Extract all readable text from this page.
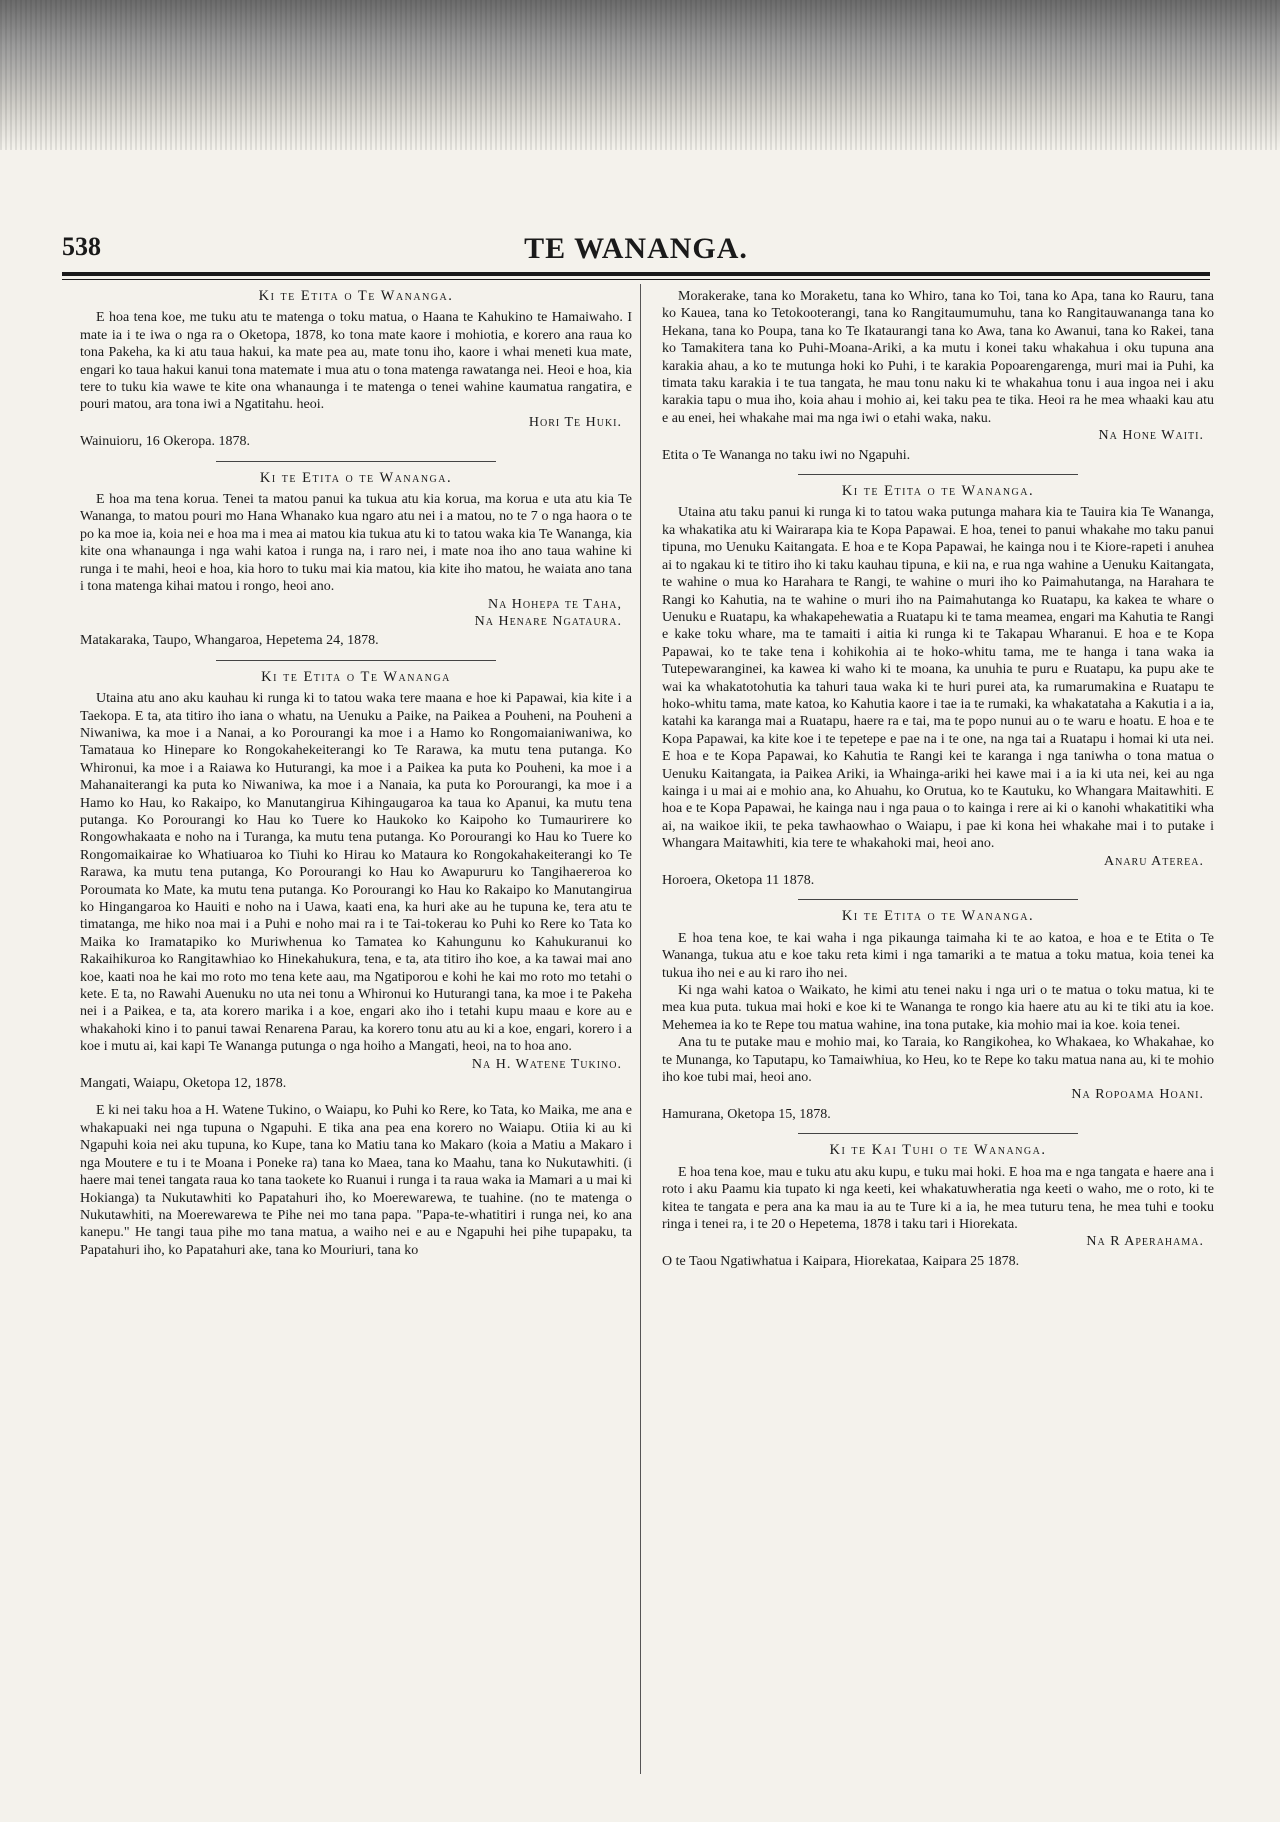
538	TE WANANGA.
Ki te Etita o Te Wananga.

E hoa tena koe, me tuku atu te matenga o toku matua, o Haana te Kahukino te Hamaiwaho. I mate ia i te iwa o nga ra o Oketopa, 1878, ko tona mate kaore i mohiotia, e korero ana raua ko tona Pakeha, ka ki atu taua hakui, ka mate pea au, mate tonu iho, kaore i whai meneti kua mate, engari ko taua hakui kanui tona matemate i mua atu o tona matenga rawatanga nei. Heoi e hoa, kia tere to tuku kia wawe te kite ona whanaunga i te matenga o tenei wahine kaumatua rangatira, e pouri matou, ara tona iwi a Ngatitahu. heoi.

Hori Te Huki.

Wainuioru, 16 Okeropa. 1878.

Ki te Etita o te Wananga.

E hoa ma tena korua. Tenei ta matou panui ka tukua atu kia korua, ma korua e uta atu kia Te Wananga, to matou pouri mo Hana Whanako kua ngaro atu nei i a matou, no te 7 o nga haora o te po ka moe ia, koia nei e hoa ma i mea ai matou kia tukua atu ki to tatou waka kia Te Wananga, kia kite ona whanaunga i nga wahi katoa i runga na, i raro nei, i mate noa iho ano taua wahine ki runga i te mahi, heoi e hoa, kia horo to tuku mai kia matou, kia kite iho matou, he waiata ano tana i tona matenga kihai matou i rongo, heoi ano.

Na Hohepa te Taha,

Na Henare Ngataura.

Matakaraka, Taupo, Whangaroa, Hepetema 24, 1878.

Ki te Etita o Te Wananga

Utaina atu ano aku kauhau ki runga ki to tatou waka tere maana e hoe ki Papawai, kia kite i a Taekopa. E ta, ata titiro iho iana o whatu, na Uenuku a Paike, na Paikea a Pouheni, na Pouheni a Niwaniwa, ka moe i a Nanai, a ko Porourangi ka moe i a Hamo ko Rongomaianiwaniwa, ko Tamataua ko Hinepare ko Rongokahekeiterangi ko Te Rarawa, ka mutu tena putanga. Ko Whironui, ka moe i a Raiawa ko Huturangi, ka moe i a Paikea ka puta ko Pouheni, ka moe i a Mahanaiterangi ka puta ko Niwaniwa, ka moe i a Nanaia, ka puta ko Porourangi, ka moe i a Hamo ko Hau, ko Rakaipo, ko Manutangirua Kihingaugarоа ka taua ko Apanui, ka mutu tena putanga. Ko Porourangi ko Hau ko Tuere ko Haukoko ko Kaipoho ko Tumaurirere ko Rongowhakaata e noho na i Turanga, ka mutu tena putanga. Ko Porourangi ko Hau ko Tuere ko Rongomaikairae ko Whatiuaroa ko Tiuhi ko Hirau ko Mataura ko Rongokahakeiterangi ko Te Rarawa, ka mutu tena putanga, Ko Porourangi ko Hau ko Awapururu ko Tangihaereroa ko Poroumata ko Mate, ka mutu tena putanga. Ko Porourangi ko Hau ko Rakaipo ko Manutangirua ko Hingangaroa ko Hauiti e noho na i Uawa, kaati ena, ka huri ake au he tupuna ke, tera atu te timatanga, me hiko noa mai i a Puhi e noho mai ra i te Tai-tokerau ko Puhi ko Rere ko Tata ko Maika ko Iramatapiko ko Muriwhenua ko Tamatea ko Kahungunu ko Kahukuranui ko Rakaihikuroa ko Rangitawhiao ko Hinekahukura, tena, e ta, ata titiro iho koe, a ka tawai mai ano koe, kaati noa he kai mo roto mo tena kete aau, ma Ngatiporou e kohi he kai mo roto mo tetahi o kete. E ta, no Rawahi Auenuku no uta nei tonu a Whironui ko Huturangi tana, ka moe i te Pakeha nei i a Paikea, e ta, ata korero marika i a koe, engari ako iho i tetahi kupu maau e kore au e whakahoki kino i to panui tawai Renarena Parau, ka korero tonu atu au ki a koe, engari, korero i a koe i mutu ai, kai kapi Te Wananga putunga o nga hoiho a Mangati, heoi, na to hoa ano.

Na H. Watene Tukino.

Mangati, Waiapu, Oketopa 12, 1878.

E ki nei taku hoa a H. Watene Tukino, o Waiapu, ko Puhi ko Rere, ko Tata, ko Maika, me ana e whakapuaki nei nga tupuna o Ngapuhi. E tika ana pea ena korero no Waiapu. Otiia ki au ki Ngapuhi koia nei aku tupuna, ko Kupe, tana ko Matiu tana ko Makaro (koia a Matiu a Makaro i nga Moutere e tu i te Moana i Poneke ra) tana ko Maea, tana ko Maahu, tana ko Nukutawhiti. (i haere mai tenei tangata raua ko tana taokete ko Ruanui i runga i ta raua waka ia Mamari a u mai ki Hokianga) ta Nukutawhiti ko Papatahuri iho, ko Moerewarewa, te tuahine. (no te matenga o Nukutawhiti, na Moerewarewa te Pihe nei mo tana papa. "Papa-te-whatitiri i runga nei, ko ana kanepu." He tangi taua pihe mo tana matua, a waiho nei e au e Ngapuhi hei pihe tupapaku, ta Papatahuri iho, ko Papatahuri ake, tana ko Mouriuri, tana ko

Morakerake, tana ko Moraketu, tana ko Whiro, tana ko Toi, tana ko Apa, tana ko Rauru, tana ko Kauea, tana ko Tetokooterangi, tana ko Rangitaumumuhu, tana ko Rangitauwananga tana ko Hekana, tana ko Poupa, tana ko Te Ikataurangi tana ko Awa, tana ko Awanui, tana ko Rakei, tana ko Tamakitera tana ko Puhi-Moana-Ariki, a ka mutu i konei taku whakahua i oku tupuna ana karakia ahau, a ko te mutunga hoki ko Puhi, i te karakia Popoarengarenga, muri mai ia Puhi, ka timata taku karakia i te tua tangata, he mau tonu naku ki te whakahua tonu i aua ingoa nei i aku karakia tapu o mua iho, koia ahau i mohio ai, kei taku pea te tika. Heoi ra he mea whaaki kau atu e au enei, hei whakahe mai ma nga iwi o etahi waka, naku.

Na Hone Waiti.

Etita o Te Wananga no taku iwi no Ngapuhi.

Ki te Etita o te Wananga.

Utaina atu taku panui ki runga ki to tatou waka putunga mahara kia te Tauira kia Te Wananga, ka whakatika atu ki Wairarapa kia te Kopa Papawai. E hoa, tenei to panui whakahe mo taku panui tipuna, mo Uenuku Kaitangata. E hoa e te Kopa Papawai, he kainga nou i te Kiore-rapeti i anuhea ai to ngakau ki te titiro iho ki taku kauhau tipuna, e kii na, e rua nga wahine a Uenuku Kaitangata, te wahine o mua ko Harahara te Rangi, te wahine o muri iho ko Paimahutanga, na Harahara te Rangi ko Kahutia, na te wahine o muri iho na Paimahutanga ko Ruatapu, ka kakea te whare o Uenuku e Ruatapu, ka whakapehewatia a Ruatapu ki te tama meamea, engari ma Kahutia te Rangi e kake toku whare, ma te tamaiti i aitia ki runga ki te Takapau Wharanui. E hoa e te Kopa Papawai, ko te take tena i kohikohia ai te hoko-whitu tama, me te hanga i tana waka ia Tutepewaranginei, ka kawea ki waho ki te moana, ka unuhia te puru e Ruatapu, ka pupu ake te wai ka whakatotohutia ka tahuri taua waka ki te huri purei ata, ka rumarumakina e Ruatapu te hoko-whitu tama, mate katoa, ko Kahutia kaore i tae ia te rumaki, ka whakatataha a Kakutia i a ia, katahi ka karanga mai a Ruatapu, haere ra e tai, ma te popo nunui au o te waru e hoatu. E hoa e te Kopa Papawai, ka kite koe i te tepetepe e pae na i te one, na nga tai a Ruatapu i homai ki uta nei. E hoa e te Kopa Papawai, ko Kahutia te Rangi kei te karanga i nga taniwha o tona matua o Uenuku Kaitangata, ia Paikea Ariki, ia Whainga-ariki hei kawe mai i a ia ki uta nei, kei au nga kainga i u mai ai e mohio ana, ko Ahuahu, ko Orutua, ko te Kautuku, ko Whangara Maitawhiti. E hoa e te Kopa Papawai, he kainga nau i nga paua o to kainga i rere ai ki o kanohi whakatitiki wha ai, na waikoe ikii, te peka tawhaowhao o Waiapu, i pae ki kona hei whakahe mai i to putake i Whangara Maitawhiti, kia tere te whakahoki mai, heoi ano.

Anaru Aterea.

Horoera, Oketopa 11 1878.

Ki te Etita o te Wananga.

E hoa tena koe, te kai waha i nga pikaunga taimaha ki te ao katoa, e hoa e te Etita o Te Wananga, tukua atu e koe taku reta kimi i nga tamariki a te matua a toku matua, koia tenei ka tukua iho nei e au ki raro iho nei.

Ki nga wahi katoa o Waikato, he kimi atu tenei naku i nga uri o te matua o toku matua, ki te mea kua puta. tukua mai hoki e koe ki te Wananga te rongo kia haere atu au ki te tiki atu ia koe. Mehemea ia ko te Repe tou matua wahine, ina tona putake, kia mohio mai ia koe. koia tenei.

Ana tu te putake mau e mohio mai, ko Taraia, ko Rangikohea, ko Whakaea, ko Whakahae, ko te Munanga, ko Taputapu, ko Tamaiwhiua, ko Heu, ko te Repe ko taku matua nana au, ki te mohio iho koe tubi mai, heoi ano.

Na Ropoama Hoani.

Hamurana, Oketopa 15, 1878.

Ki te Kai Tuhi o te Wananga.

E hoa tena koe, mau e tuku atu aku kupu, e tuku mai hoki. E hoa ma e nga tangata e haere ana i roto i aku Paamu kia tupato ki nga keeti, kei whakatuwheratia nga keeti o waho, me o roto, ki te kitea te tangata e pera ana ka mau ia au te Ture ki a ia, he mea tuturu tena, he mea tuhi e tooku ringa i tenei ra, i te 20 o Hepetema, 1878 i taku tari i Hiorekata.

Na R Aperahama.

O te Taou Ngatiwhatua i Kaipara, Hiorekataa, Kaipara 25 1878.
